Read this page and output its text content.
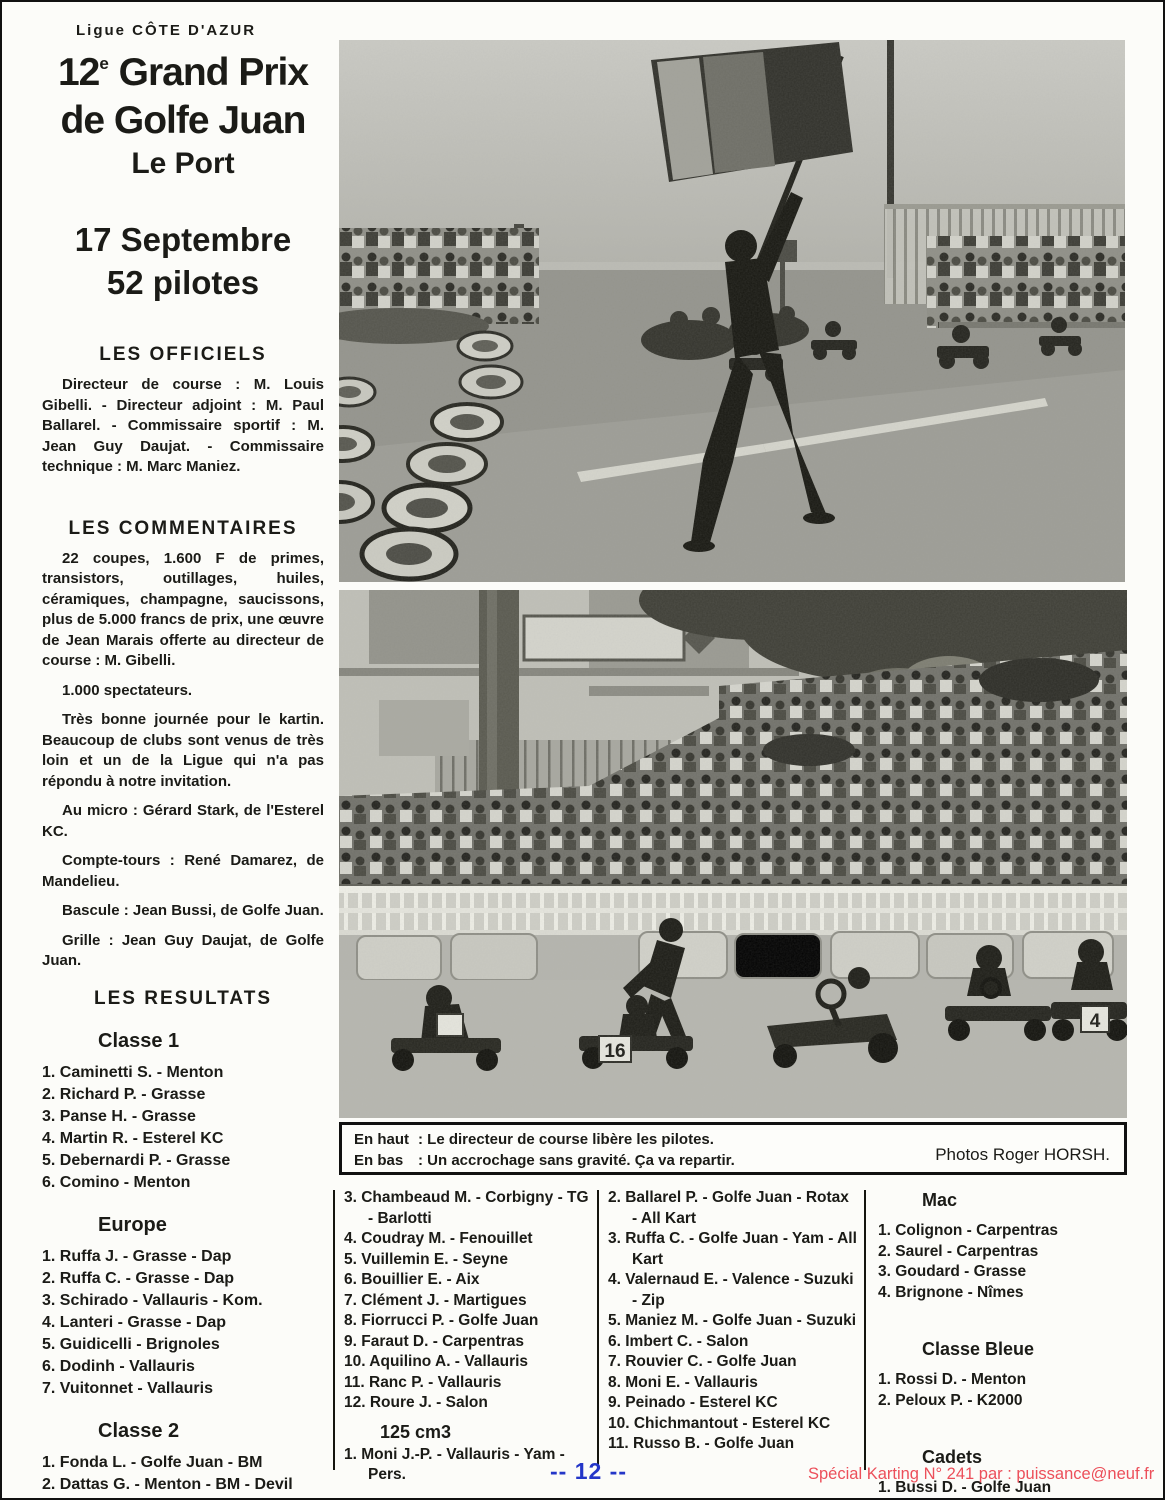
Ligue CÔTE D'AZUR
12e Grand Prix
de Golfe Juan
Le Port
17 Septembre
52 pilotes
LES OFFICIELS

Directeur de course : M. Louis Gibelli. - Directeur adjoint : M. Paul Ballarel. - Commissaire sportif : M. Jean Guy Daujat. - Commissaire technique : M. Marc Maniez.

LES COMMENTAIRES
22 coupes, 1.600 F de primes, transistors, outillages, huiles, céramiques, champagne, saucissons, plus de 5.000 francs de prix, une œuvre de Jean Marais offerte au directeur de course : M. Gibelli.
1.000 spectateurs.
Très bonne journée pour le kartin. Beaucoup de clubs sont venus de très loin et un de la Ligue qui n'a pas répondu à notre invitation.
Au micro : Gérard Stark, de l'Esterel KC.
Compte-tours : René Damarez, de Mandelieu.
Bascule : Jean Bussi, de Golfe Juan.
Grille : Jean Guy Daujat, de Golfe Juan.
LES RESULTATS
Classe 1
1. Caminetti S. - Menton
2. Richard P. - Grasse
3. Panse H. - Grasse
4. Martin R. - Esterel KC
5. Debernardi P. - Grasse
6. Comino - Menton
Europe
1. Ruffa J. - Grasse - Dap
2. Ruffa C. - Grasse - Dap
3. Schirado - Vallauris - Kom.
4. Lanteri - Grasse - Dap
5. Guidicelli - Brignoles
6. Dodinh - Vallauris
7. Vuitonnet - Vallauris
Classe 2
1. Fonda L. - Golfe Juan - BM
2. Dattas G. - Menton - BM - Devil
16
4
En haut : Le directeur de course libère les pilotes.
En bas : Un accrochage sans gravité. Ça va repartir.	Photos Roger HORSH.
3. Chambeaud M. - Corbigny - TG - Barlotti
4. Coudray M. - Fenouillet
5. Vuillemin E. - Seyne
6. Bouillier E. - Aix
7. Clément J. - Martigues
8. Fiorrucci P. - Golfe Juan
9. Faraut D. - Carpentras
10. Aquilino A. - Vallauris
11. Ranc P. - Vallauris
12. Roure J. - Salon
125 cm3
1. Moni J.-P. - Vallauris - Yam - Pers.
2. Ballarel P. - Golfe Juan - Rotax - All Kart
3. Ruffa C. - Golfe Juan - Yam - All Kart
4. Valernaud E. - Valence - Suzuki - Zip
5. Maniez M. - Golfe Juan - Suzuki
6. Imbert C. - Salon
7. Rouvier C. - Golfe Juan
8. Moni E. - Vallauris
9. Peinado - Esterel KC
10. Chichmantout - Esterel KC
11. Russo B. - Golfe Juan
Mac
1. Colignon - Carpentras
2. Saurel - Carpentras
3. Goudard - Grasse
4. Brignone - Nîmes
Classe Bleue
1. Rossi D. - Menton
2. Peloux P. - K2000
Cadets
1. Bussi D. - Golfe Juan
-- 12 --	Spécial Karting N° 241 par : puissance@neuf.fr
